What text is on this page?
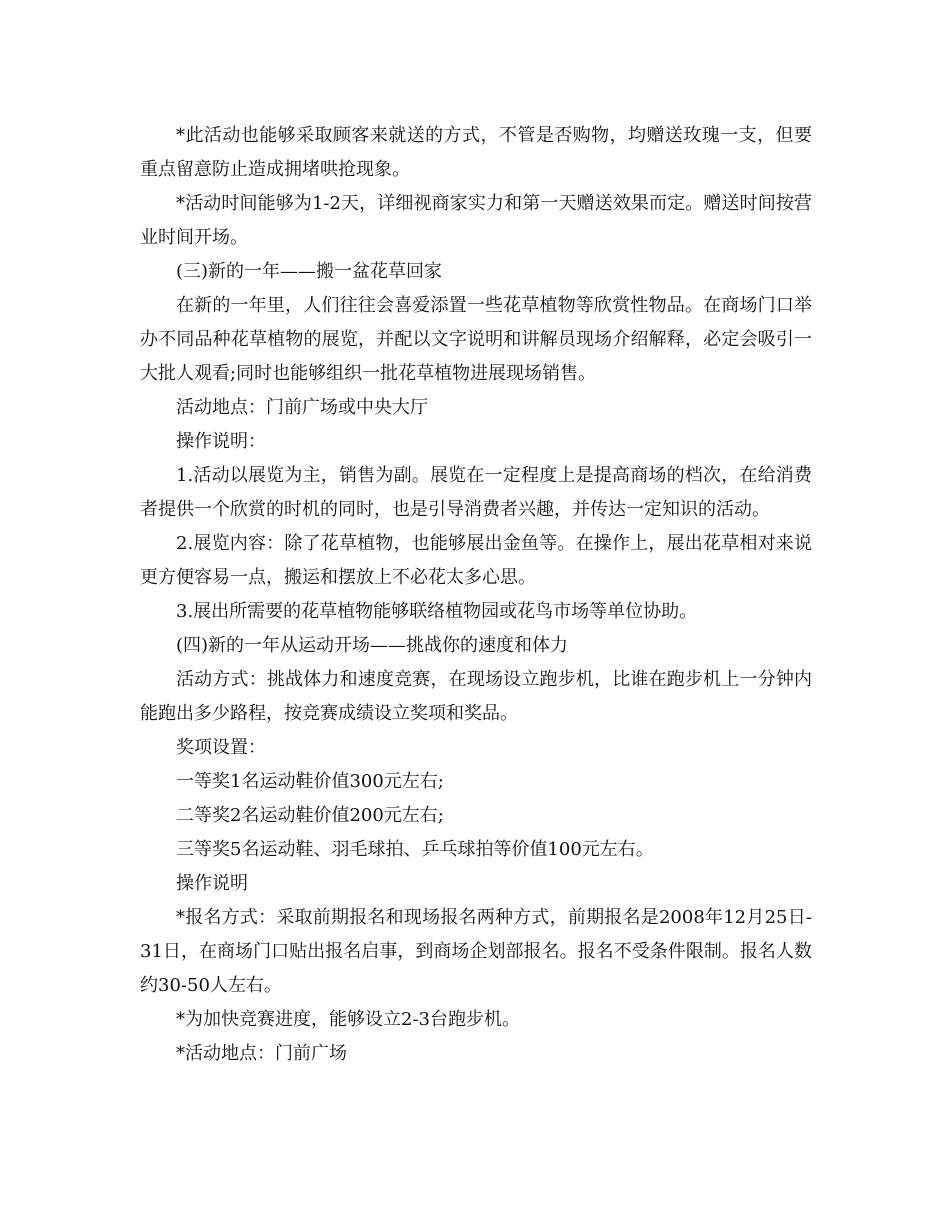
*此活动也能够采取顾客来就送的方式，不管是否购物，均赠送玫瑰一支，但要重点留意防止造成拥堵哄抢现象。

*活动时间能够为1-2天，详细视商家实力和第一天赠送效果而定。赠送时间按营业时间开场。

(三)新的一年——搬一盆花草回家

在新的一年里，人们往往会喜爱添置一些花草植物等欣赏性物品。在商场门口举办不同品种花草植物的展览，并配以文字说明和讲解员现场介绍解释，必定会吸引一大批人观看;同时也能够组织一批花草植物进展现场销售。

活动地点：门前广场或中央大厅

操作说明：

1.活动以展览为主，销售为副。展览在一定程度上是提高商场的档次，在给消费者提供一个欣赏的时机的同时，也是引导消费者兴趣，并传达一定知识的活动。

2.展览内容：除了花草植物，也能够展出金鱼等。在操作上，展出花草相对来说更方便容易一点，搬运和摆放上不必花太多心思。

3.展出所需要的花草植物能够联络植物园或花鸟市场等单位协助。

(四)新的一年从运动开场——挑战你的速度和体力

活动方式：挑战体力和速度竞赛，在现场设立跑步机，比谁在跑步机上一分钟内能跑出多少路程，按竞赛成绩设立奖项和奖品。

奖项设置：

一等奖1名运动鞋价值300元左右;

二等奖2名运动鞋价值200元左右;

三等奖5名运动鞋、羽毛球拍、乒乓球拍等价值100元左右。

操作说明

*报名方式：采取前期报名和现场报名两种方式，前期报名是2008年12月25日-31日，在商场门口贴出报名启事，到商场企划部报名。报名不受条件限制。报名人数约30-50人左右。

*为加快竞赛进度，能够设立2-3台跑步机。

*活动地点：门前广场
